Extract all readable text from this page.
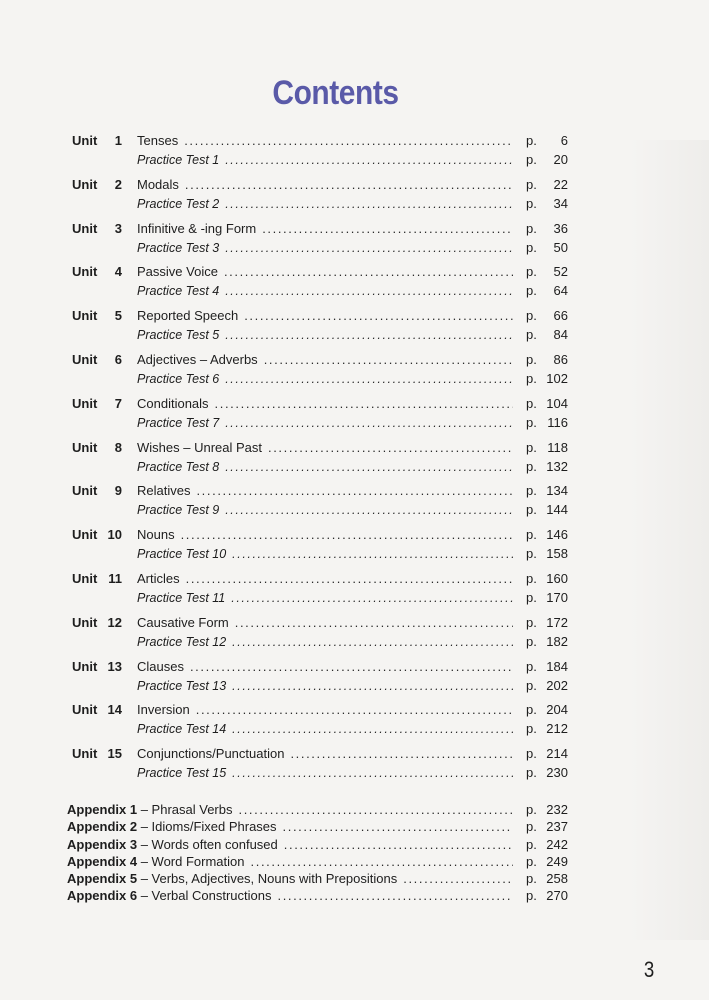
Contents
Unit	1 Tenses .....	p.	6
Practice Test 1 .....	p.	20
Unit	2 Modals .....	p.	22
Practice Test 2 .....	p.	34
Unit	3 Infinitive & -ing Form .....	p.	36
Practice Test 3 .....	p.	50
Unit	4 Passive Voice .....	p.	52
Practice Test 4 .....	p.	64
Unit	5 Reported Speech .....	p.	66
Practice Test 5 .....	p.	84
Unit	6 Adjectives – Adverbs .....	p.	86
Practice Test 6 .....	p. 102
Unit	7 Conditionals .....	p. 104
Practice Test 7 .....	p. 116
Unit	8 Wishes – Unreal Past .....	p. 118
Practice Test 8 .....	p. 132
Unit	9 Relatives .....	p. 134
Practice Test 9 .....	p. 144
Unit 10 Nouns .....	p. 146
Practice Test 10 .....	p. 158
Unit 11 Articles .....	p. 160
Practice Test 11 .....	p. 170
Unit 12 Causative Form .....	p. 172
Practice Test 12 .....	p. 182
Unit 13 Clauses .....	p. 184
Practice Test 13 .....	p. 202
Unit 14 Inversion .....	p. 204
Practice Test 14 .....	p. 212
Unit 15 Conjunctions/Punctuation .....	p. 214
Practice Test 15 .....	p. 230
Appendix 1 – Phrasal Verbs .....	p. 232
Appendix 2 – Idioms/Fixed Phrases .....	p. 237
Appendix 3 – Words often confused .....	p. 242
Appendix 4 – Word Formation .....	p. 249
Appendix 5 – Verbs, Adjectives, Nouns with Prepositions .....	p. 258
Appendix 6 – Verbal Constructions .....	p. 270
3
